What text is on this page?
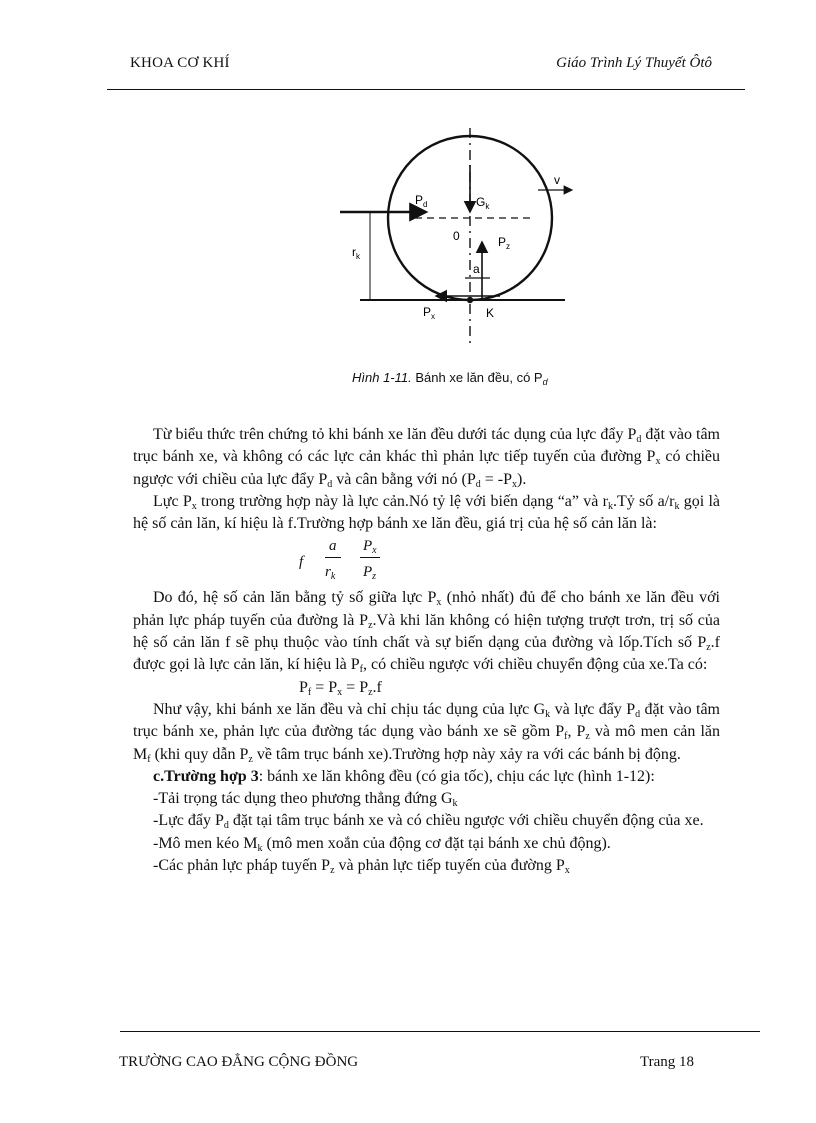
KHOA CƠ KHÍ	Giáo Trình Lý Thuyết Ôtô
$P_d$	$G_k$
v
0	$P_z$
$r_k$
a
$P_x$	K
Hình 1-11. Bánh xe lăn đều, có $P_d$

Từ biểu thức trên chứng tỏ khi bánh xe lăn đều dưới tác dụng của lực đẩy $P_d$ đặt vào tâm trục bánh xe, và không có các lực cản khác thì phản lực tiếp tuyến của đường $P_x$ có chiều ngược với chiều của lực đẩy $P_d$ và cân bằng với nó $(P_d = -P_x)$.

Lực $P_x$ trong trường hợp này là lực cản.Nó tỷ lệ với biến dạng “a” và $r_k.Tỷ$ số $a/r_k$ gọi là hệ số cản lăn, kí hiệu là f.Trường hợp bánh xe lăn đều, giá trị của hệ số cản lăn là:

f
a
$r_k$
$P_x$
$P_z$

Do đó, hệ số cản lăn bằng tỷ số giữa lực $P_x$ (nhỏ nhất) đủ để cho bánh xe lăn đều với phản lực pháp tuyến của đường là $P_z.Và$ khi lăn không có hiện tượng trượt trơn, trị số của hệ số cản lăn f sẽ phụ thuộc vào tính chất và sự biến dạng của đường và lốp.Tích số $P_z.f$ được gọi là lực cản lăn, kí hiệu là $P_f$, có chiều ngược với chiều chuyển động của xe.Ta có:

$P_f = P_x = P_z.f$

Như vậy, khi bánh xe lăn đều và chỉ chịu tác dụng của lực $G_k$ và lực đẩy $P_d$ đặt vào tâm trục bánh xe, phản lực của đường tác dụng vào bánh xe sẽ gồm $P_f$, $P_z$ và mô men cản lăn $M_f$ (khi quy dẫn $P_z$ về tâm trục bánh xe).Trường hợp này xảy ra với các bánh bị động.

c.Trường hợp 3: bánh xe lăn không đều (có gia tốc), chịu các lực (hình 1-12):

-Tải trọng tác dụng theo phương thẳng đứng $G_k$

-Lực đẩy $P_d$ đặt tại tâm trục bánh xe và có chiều ngược với chiều chuyển động của xe.

-Mô men kéo $M_k$ (mô men xoắn của động cơ đặt tại bánh xe chủ động).

-Các phản lực pháp tuyến $P_z$ và phản lực tiếp tuyến của đường $P_x$

TRƯỜNG CAO ĐẲNG CỘNG ĐỒNG	Trang 18
